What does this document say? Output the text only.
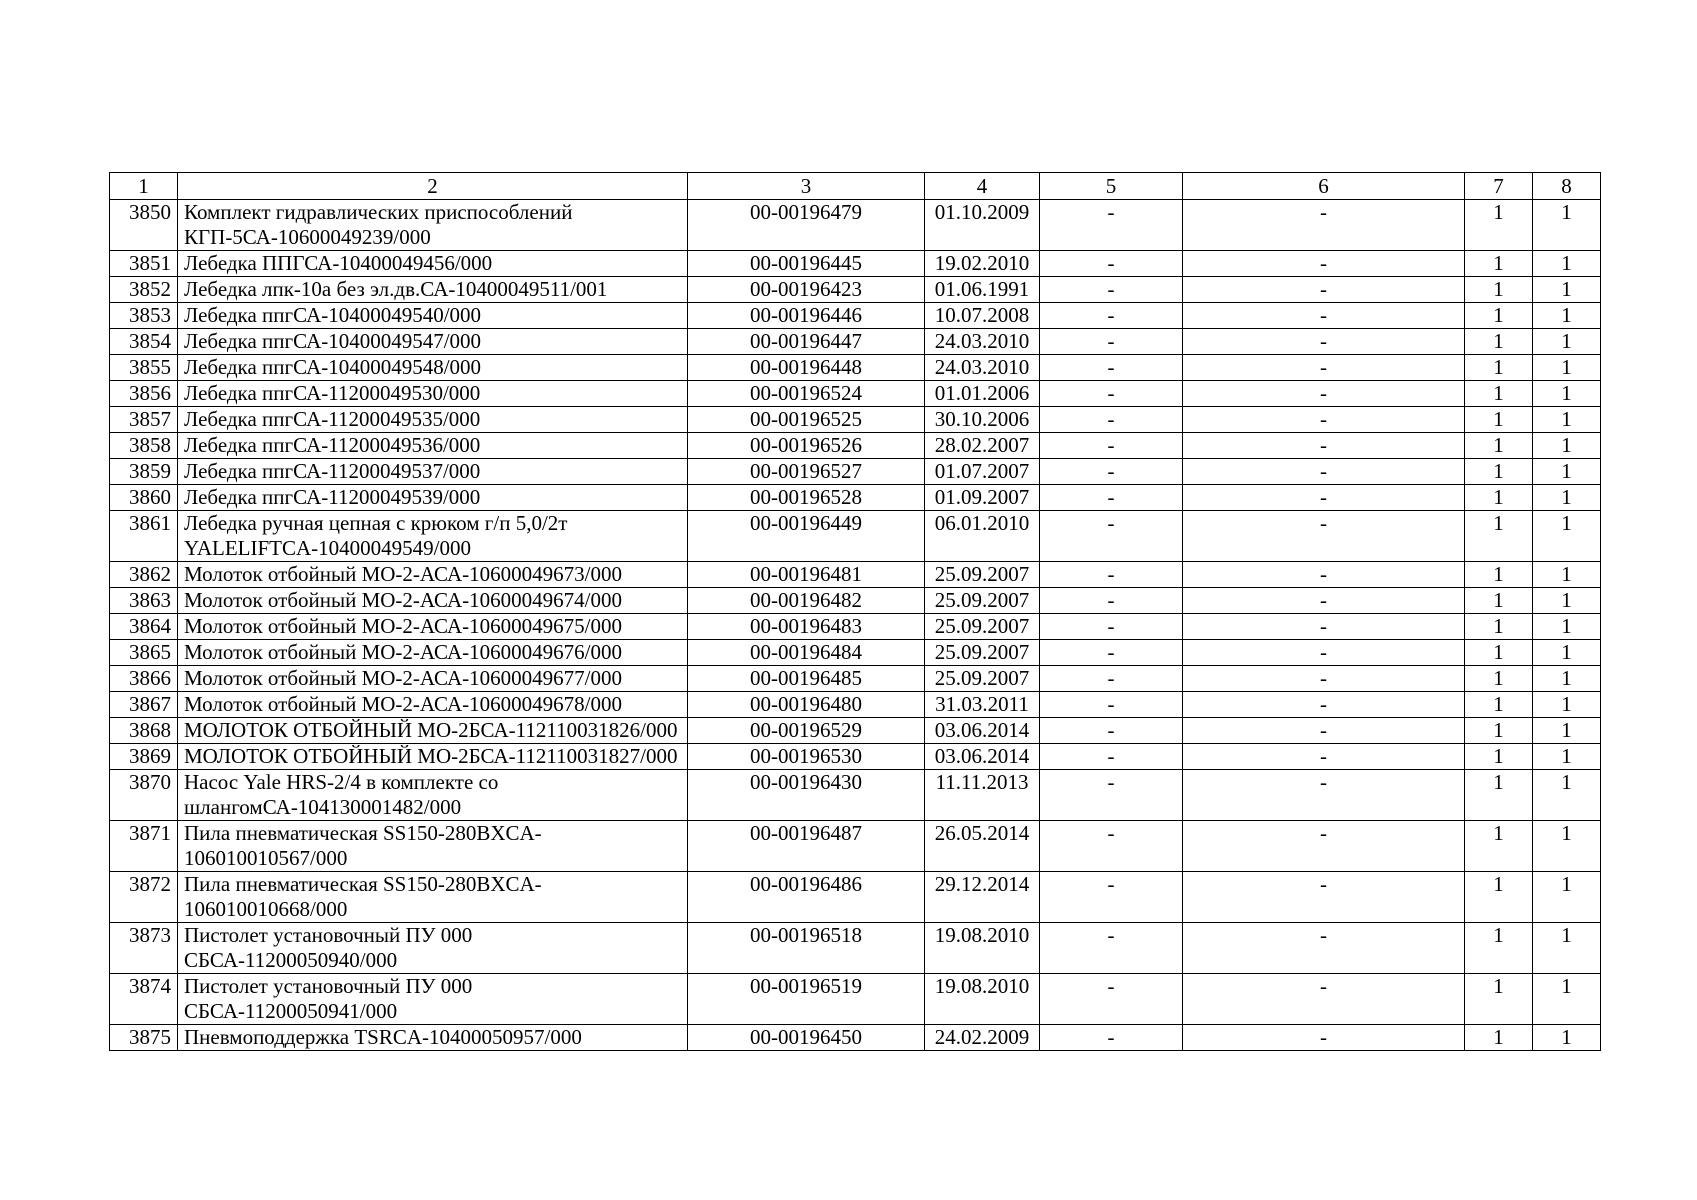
1	2	3	4	5	6	7	8
3850	Комплект гидравлических приспособлений КГП-5СА-10600049239/000	00-00196479	01.10.2009	-	-	1	1
3851	Лебедка ППГСА-10400049456/000	00-00196445	19.02.2010	-	-	1	1
3852	Лебедка лпк-10а без эл.дв.СА-10400049511/001	00-00196423	01.06.1991	-	-	1	1
3853	Лебедка ппгСА-10400049540/000	00-00196446	10.07.2008	-	-	1	1
3854	Лебедка ппгСА-10400049547/000	00-00196447	24.03.2010	-	-	1	1
3855	Лебедка ппгСА-10400049548/000	00-00196448	24.03.2010	-	-	1	1
3856	Лебедка ппгСА-11200049530/000	00-00196524	01.01.2006	-	-	1	1
3857	Лебедка ппгСА-11200049535/000	00-00196525	30.10.2006	-	-	1	1
3858	Лебедка ппгСА-11200049536/000	00-00196526	28.02.2007	-	-	1	1
3859	Лебедка ппгСА-11200049537/000	00-00196527	01.07.2007	-	-	1	1
3860	Лебедка ппгСА-11200049539/000	00-00196528	01.09.2007	-	-	1	1
3861	Лебедка ручная цепная с крюком г/п 5,0/2т YALELIFTCA-10400049549/000	00-00196449	06.01.2010	-	-	1	1
3862	Молоток отбойный МО-2-АСА-10600049673/000	00-00196481	25.09.2007	-	-	1	1
3863	Молоток отбойный МО-2-АСА-10600049674/000	00-00196482	25.09.2007	-	-	1	1
3864	Молоток отбойный МО-2-АСА-10600049675/000	00-00196483	25.09.2007	-	-	1	1
3865	Молоток отбойный МО-2-АСА-10600049676/000	00-00196484	25.09.2007	-	-	1	1
3866	Молоток отбойный МО-2-АСА-10600049677/000	00-00196485	25.09.2007	-	-	1	1
3867	Молоток отбойный МО-2-АСА-10600049678/000	00-00196480	31.03.2011	-	-	1	1
3868	МОЛОТОК ОТБОЙНЫЙ МО-2БСА-112110031826/000	00-00196529	03.06.2014	-	-	1	1
3869	МОЛОТОК ОТБОЙНЫЙ МО-2БСА-112110031827/000	00-00196530	03.06.2014	-	-	1	1
3870	Насос Yale HRS-2/4 в комплекте со шлангомСА-104130001482/000	00-00196430	11.11.2013	-	-	1	1
3871	Пила пневматическая SS150-280BXCA-106010010567/000	00-00196487	26.05.2014	-	-	1	1
3872	Пила пневматическая SS150-280BXCA-106010010668/000	00-00196486	29.12.2014	-	-	1	1
3873	Пистолет установочный ПУ 000 СБСА-11200050940/000	00-00196518	19.08.2010	-	-	1	1
3874	Пистолет установочный ПУ 000 СБСА-11200050941/000	00-00196519	19.08.2010	-	-	1	1
3875	Пневмоподдержка TSRCA-10400050957/000	00-00196450	24.02.2009	-	-	1	1
